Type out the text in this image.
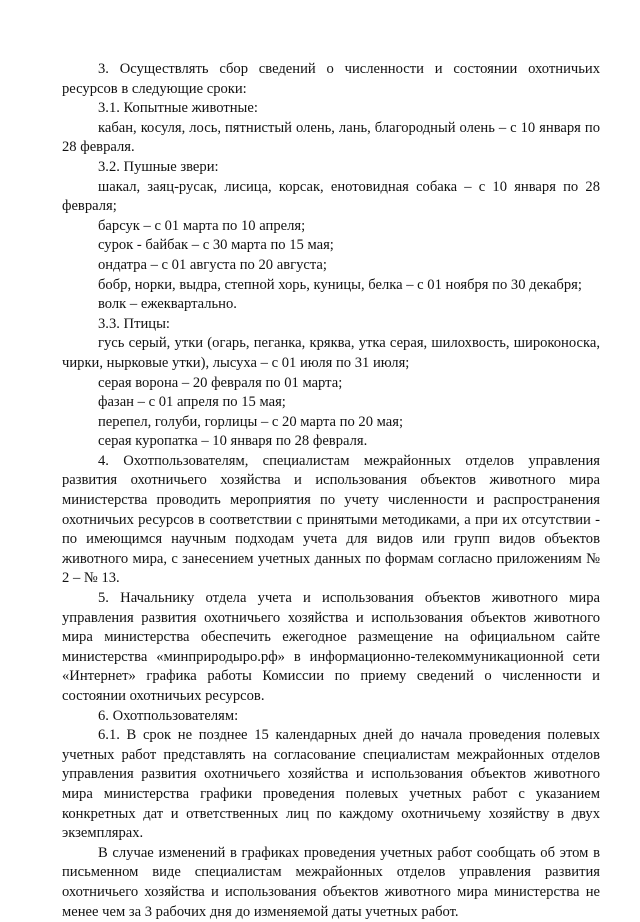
3. Осуществлять сбор сведений о численности и состоянии охотничьих ресурсов в следующие сроки:

3.1. Копытные животные:

кабан, косуля, лось, пятнистый олень, лань, благородный олень – с 10 января по 28 февраля.

3.2. Пушные звери:

шакал, заяц-русак, лисица, корсак, енотовидная собака – с 10 января по 28 февраля;

барсук – с 01 марта по 10 апреля;

сурок - байбак – с 30 марта по 15 мая;

ондатра – с 01 августа по 20 августа;

бобр, норки, выдра, степной хорь, куницы, белка – с 01 ноября по 30 декабря;

волк – ежеквартально.

3.3. Птицы:

гусь серый, утки (огарь, пеганка, кряква, утка серая, шилохвость, широконоска, чирки, нырковые утки), лысуха – с 01 июля по 31 июля;

серая ворона – 20 февраля по 01 марта;

фазан – с 01 апреля по 15 мая;

перепел, голуби, горлицы – с 20 марта по 20 мая;

серая куропатка – 10 января по 28 февраля.

4. Охотпользователям, специалистам межрайонных отделов управления развития охотничьего хозяйства и использования объектов животного мира министерства проводить мероприятия по учету численности и распространения охотничьих ресурсов в соответствии с принятыми методиками, а при их отсутствии - по имеющимся научным подходам учета для видов или групп видов объектов животного мира, с занесением учетных данных по формам согласно приложениям № 2 – № 13.

5. Начальнику отдела учета и использования объектов животного мира управления развития охотничьего хозяйства и использования объектов животного мира министерства обеспечить ежегодное размещение на официальном сайте министерства «минприродыро.рф» в информационно-телекоммуникационной сети «Интернет» графика работы Комиссии по приему сведений о численности и состоянии охотничьих ресурсов.

6. Охотпользователям:

6.1. В срок не позднее 15 календарных дней до начала проведения полевых учетных работ представлять на согласование специалистам межрайонных отделов управления развития охотничьего хозяйства и использования объектов животного мира министерства графики проведения полевых учетных работ с указанием конкретных дат и ответственных лиц по каждому охотничьему хозяйству в двух экземплярах.

В случае изменений в графиках проведения учетных работ сообщать об этом в письменном виде специалистам межрайонных отделов управления развития охотничьего хозяйства и использования объектов животного мира министерства не менее чем за 3 рабочих дня до изменяемой даты учетных работ.
